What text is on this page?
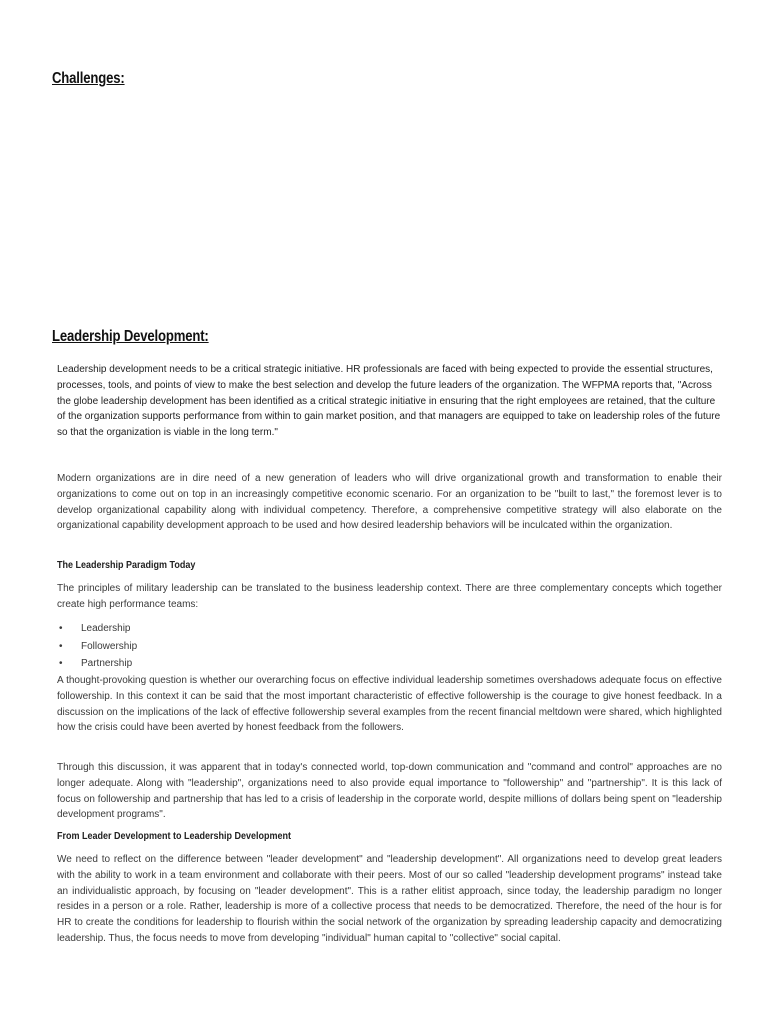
Challenges:
Leadership Development:

Leadership development needs to be a critical strategic initiative. HR professionals are faced with being expected to provide the essential structures, processes, tools, and points of view to make the best selection and develop the future leaders of the organization. The WFPMA reports that, "Across the globe leadership development has been identified as a critical strategic initiative in ensuring that the right employees are retained, that the culture of the organization supports performance from within to gain market position, and that managers are equipped to take on leadership roles of the future so that the organization is viable in the long term."

Modern organizations are in dire need of a new generation of leaders who will drive organizational growth and transformation to enable their organizations to come out on top in an increasingly competitive economic scenario. For an organization to be "built to last," the foremost lever is to develop organizational capability along with individual competency. Therefore, a comprehensive competitive strategy will also elaborate on the organizational capability development approach to be used and how desired leadership behaviors will be inculcated within the organization.

The Leadership Paradigm Today

The principles of military leadership can be translated to the business leadership context. There are three complementary concepts which together create high performance teams:

• Leadership
• Followership
• Partnership

A thought-provoking question is whether our overarching focus on effective individual leadership sometimes overshadows adequate focus on effective followership. In this context it can be said that the most important characteristic of effective followership is the courage to give honest feedback. In a discussion on the implications of the lack of effective followership several examples from the recent financial meltdown were shared, which highlighted how the crisis could have been averted by honest feedback from the followers.

Through this discussion, it was apparent that in today's connected world, top-down communication and "command and control" approaches are no longer adequate. Along with "leadership", organizations need to also provide equal importance to "followership" and "partnership". It is this lack of focus on followership and partnership that has led to a crisis of leadership in the corporate world, despite millions of dollars being spent on "leadership development programs".

From Leader Development to Leadership Development

We need to reflect on the difference between "leader development" and "leadership development". All organizations need to develop great leaders with the ability to work in a team environment and collaborate with their peers. Most of our so called "leadership development programs" instead take an individualistic approach, by focusing on "leader development". This is a rather elitist approach, since today, the leadership paradigm no longer resides in a person or a role. Rather, leadership is more of a collective process that needs to be democratized. Therefore, the need of the hour is for HR to create the conditions for leadership to flourish within the social network of the organization by spreading leadership capacity and democratizing leadership. Thus, the focus needs to move from developing "individual" human capital to "collective" social capital.
